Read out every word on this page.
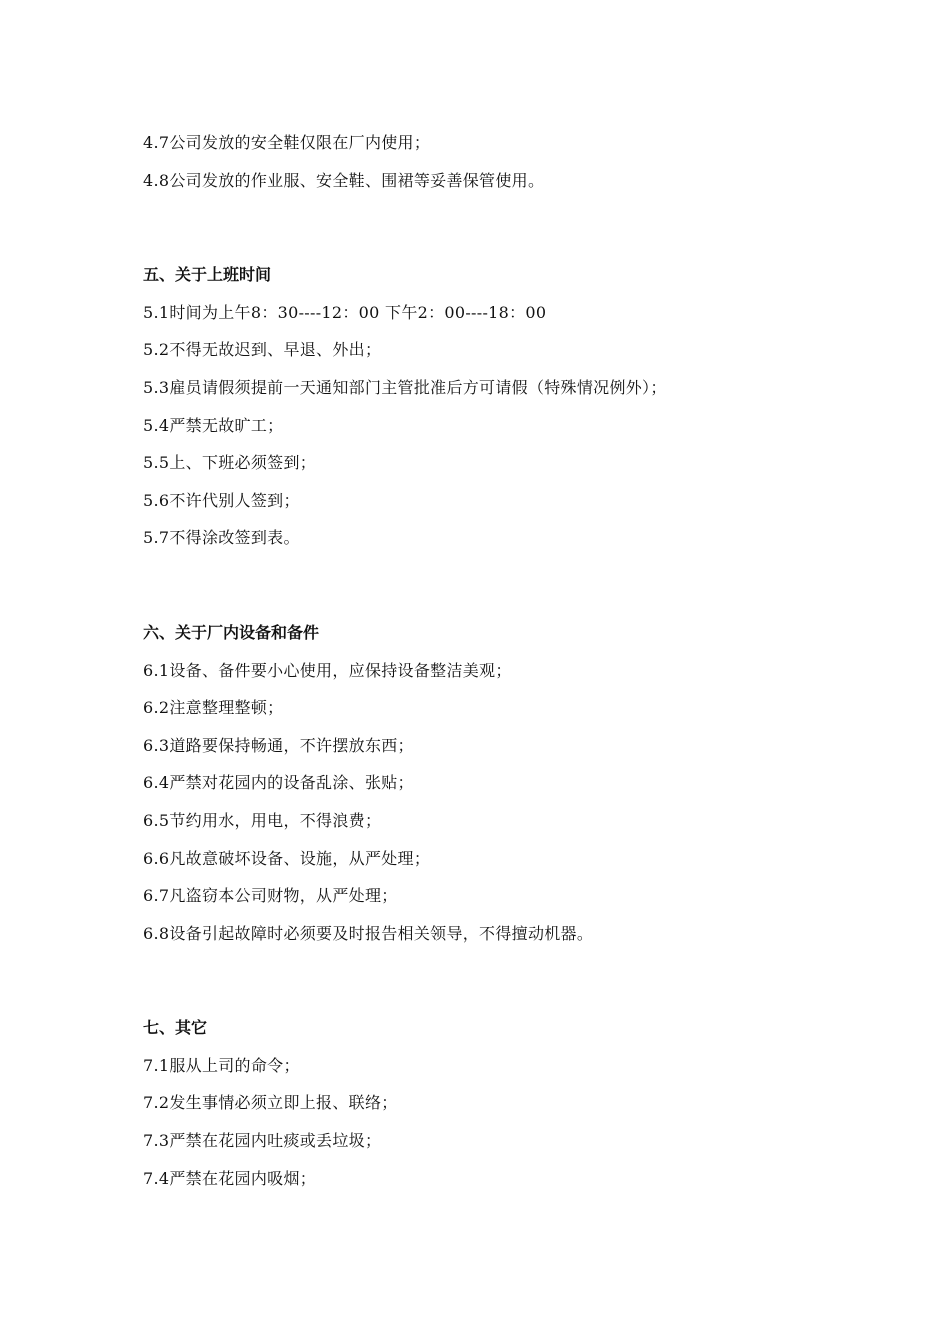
4.7公司发放的安全鞋仅限在厂内使用；
4.8公司发放的作业服、安全鞋、围裙等妥善保管使用。
五、关于上班时间
5.1时间为上午8：30----12：00 下午2：00----18：00
5.2不得无故迟到、早退、外出；
5.3雇员请假须提前一天通知部门主管批准后方可请假（特殊情况例外）；
5.4严禁无故旷工；
5.5上、下班必须签到；
5.6不许代别人签到；
5.7不得涂改签到表。
六、关于厂内设备和备件
6.1设备、备件要小心使用，应保持设备整洁美观；
6.2注意整理整顿；
6.3道路要保持畅通，不许摆放东西；
6.4严禁对花园内的设备乱涂、张贴；
6.5节约用水，用电，不得浪费；
6.6凡故意破坏设备、设施，从严处理；
6.7凡盗窃本公司财物，从严处理；
6.8设备引起故障时必须要及时报告相关领导，不得擅动机器。
七、其它
7.1服从上司的命令；
7.2发生事情必须立即上报、联络；
7.3严禁在花园内吐痰或丢垃圾；
7.4严禁在花园内吸烟；
